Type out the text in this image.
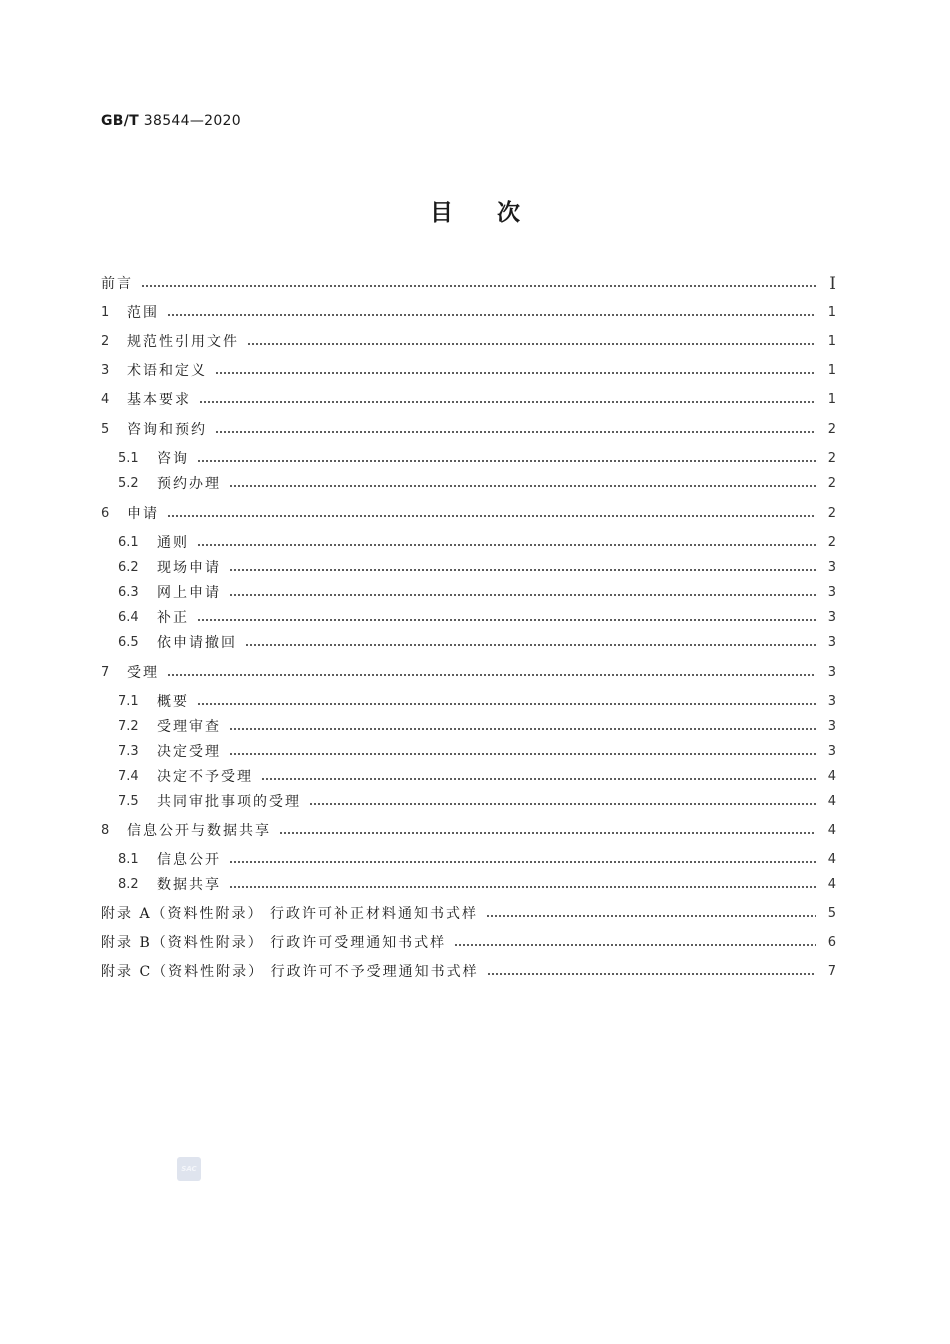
GB/T 38544—2020
目 次
前言	Ⅰ
1	范围	1
2	规范性引用文件	1
3	术语和定义	1
4	基本要求	1
5	咨询和预约	2
5.1	咨询	2
5.2	预约办理	2
6	申请	2
6.1	通则	2
6.2	现场申请	3
6.3	网上申请	3
6.4	补正	3
6.5	依申请撤回	3
7	受理	3
7.1	概要	3
7.2	受理审查	3
7.3	决定受理	3
7.4	决定不予受理	4
7.5	共同审批事项的受理	4
8	信息公开与数据共享	4
8.1	信息公开	4
8.2	数据共享	4
附录 A（资料性附录） 行政许可补正材料通知书式样	5
附录 B（资料性附录） 行政许可受理通知书式样	6
附录 C（资料性附录） 行政许可不予受理通知书式样	7
SAC
